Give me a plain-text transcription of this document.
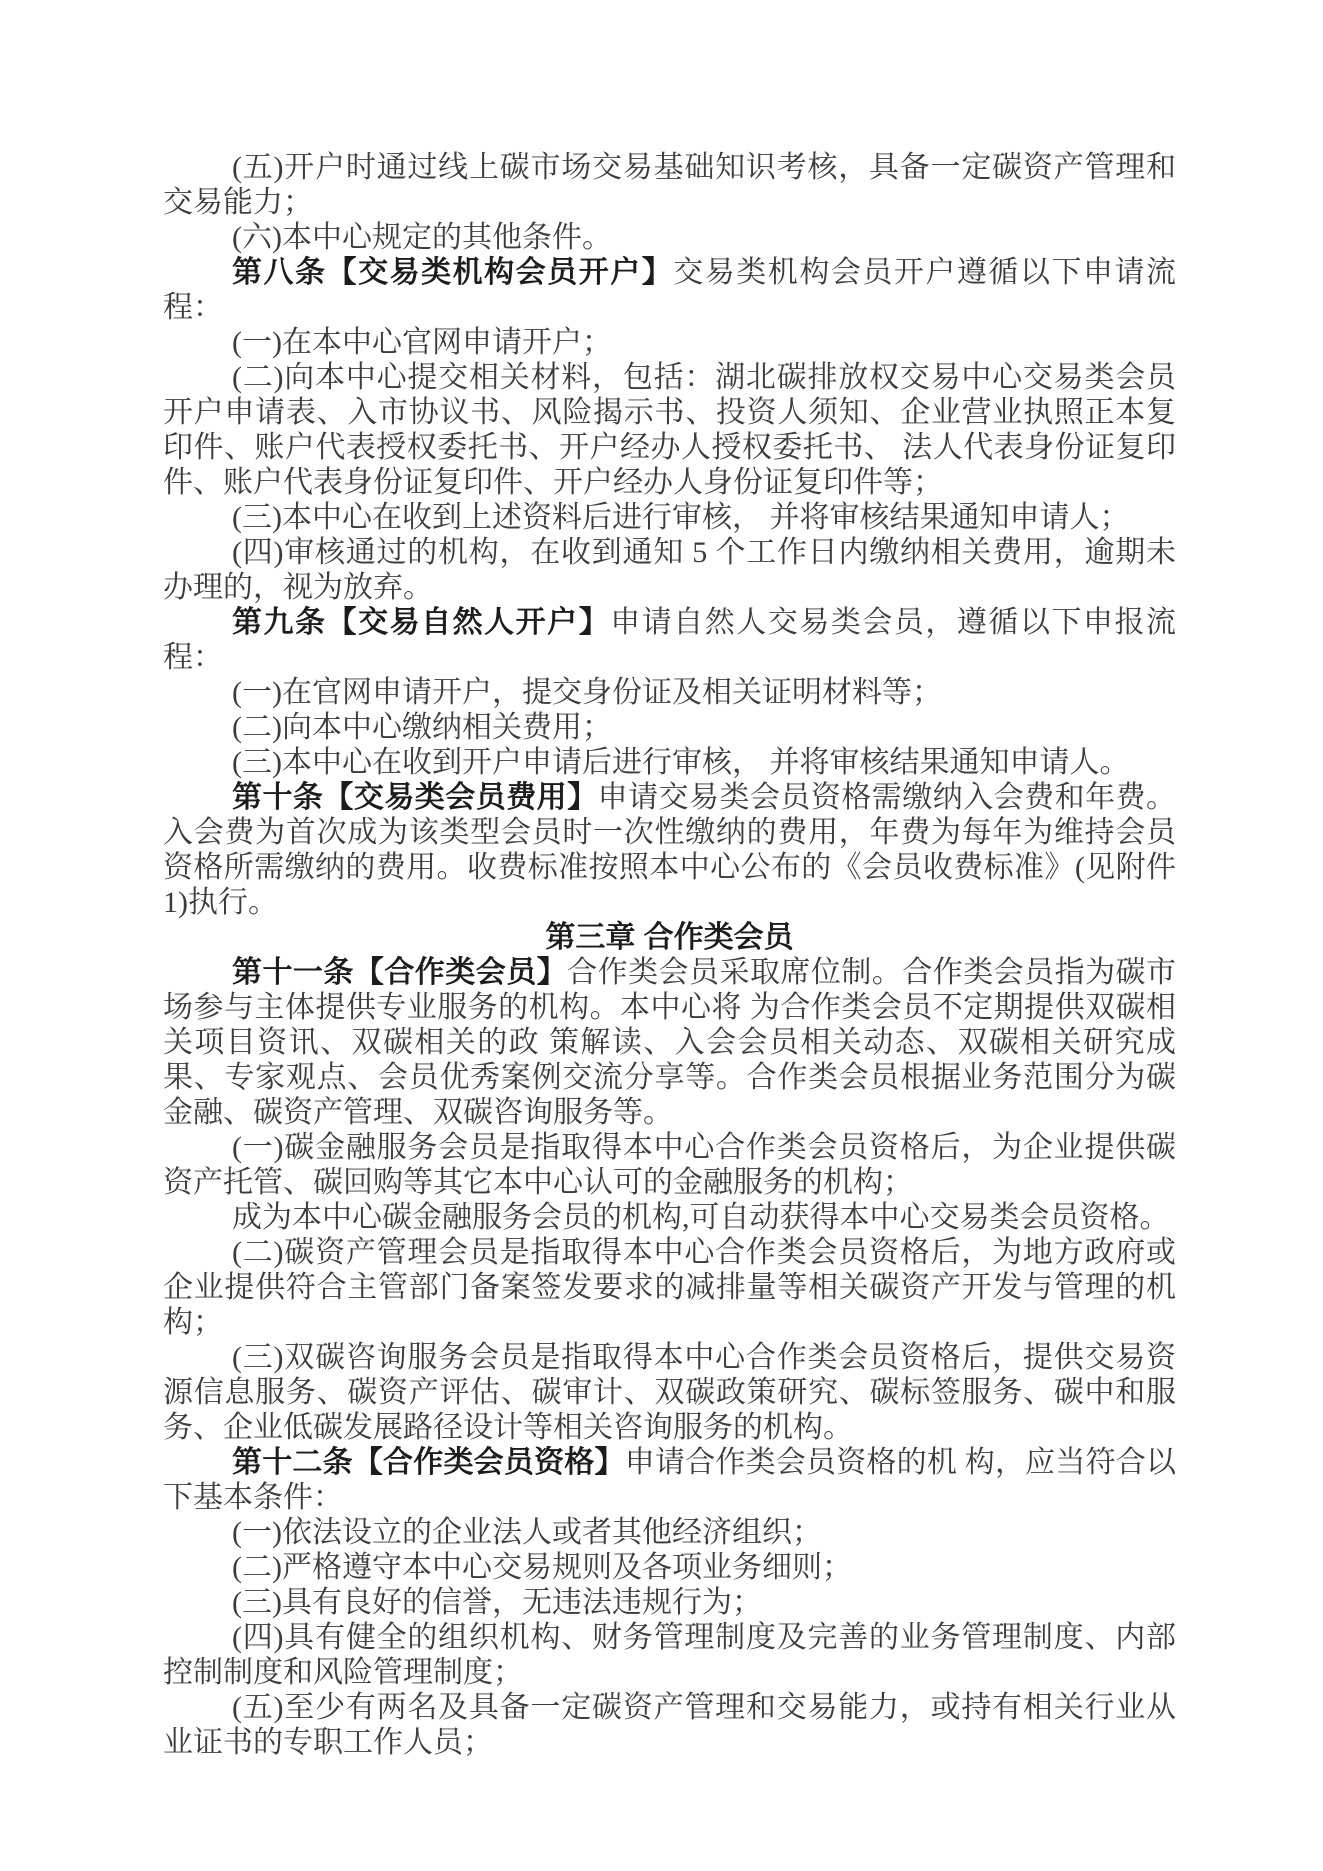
(五)开户时通过线上碳市场交易基础知识考核，具备一定碳资产管理和交易能力；

(六)本中心规定的其他条件。

第八条【交易类机构会员开户】交易类机构会员开户遵循以下申请流程：

(一)在本中心官网申请开户；

(二)向本中心提交相关材料，包括：湖北碳排放权交易中心交易类会员开户申请表、入市协议书、风险揭示书、投资人须知、企业营业执照正本复印件、账户代表授权委托书、开户经办人授权委托书、 法人代表身份证复印件、账户代表身份证复印件、开户经办人身份证复印件等；

(三)本中心在收到上述资料后进行审核， 并将审核结果通知申请人；

(四)审核通过的机构，在收到通知 5 个工作日内缴纳相关费用，逾期未办理的，视为放弃。

第九条【交易自然人开户】申请自然人交易类会员，遵循以下申报流程：

(一)在官网申请开户，提交身份证及相关证明材料等；

(二)向本中心缴纳相关费用；

(三)本中心在收到开户申请后进行审核， 并将审核结果通知申请人。

第十条【交易类会员费用】申请交易类会员资格需缴纳入会费和年费。入会费为首次成为该类型会员时一次性缴纳的费用，年费为每年为维持会员资格所需缴纳的费用。收费标准按照本中心公布的《会员收费标准》(见附件 1)执行。

第三章 合作类会员

第十一条【合作类会员】合作类会员采取席位制。合作类会员指为碳市场参与主体提供专业服务的机构。本中心将 为合作类会员不定期提供双碳相关项目资讯、双碳相关的政 策解读、入会会员相关动态、双碳相关研究成果、专家观点、会员优秀案例交流分享等。合作类会员根据业务范围分为碳金融、碳资产管理、双碳咨询服务等。

(一)碳金融服务会员是指取得本中心合作类会员资格后，为企业提供碳资产托管、碳回购等其它本中心认可的金融服务的机构；

成为本中心碳金融服务会员的机构,可自动获得本中心交易类会员资格。

(二)碳资产管理会员是指取得本中心合作类会员资格后，为地方政府或企业提供符合主管部门备案签发要求的减排量等相关碳资产开发与管理的机构；

(三)双碳咨询服务会员是指取得本中心合作类会员资格后，提供交易资源信息服务、碳资产评估、碳审计、双碳政策研究、碳标签服务、碳中和服务、企业低碳发展路径设计等相关咨询服务的机构。

第十二条【合作类会员资格】申请合作类会员资格的机 构，应当符合以下基本条件：

(一)依法设立的企业法人或者其他经济组织；

(二)严格遵守本中心交易规则及各项业务细则；

(三)具有良好的信誉，无违法违规行为；

(四)具有健全的组织机构、财务管理制度及完善的业务管理制度、内部控制制度和风险管理制度；

(五)至少有两名及具备一定碳资产管理和交易能力，或持有相关行业从业证书的专职工作人员；
